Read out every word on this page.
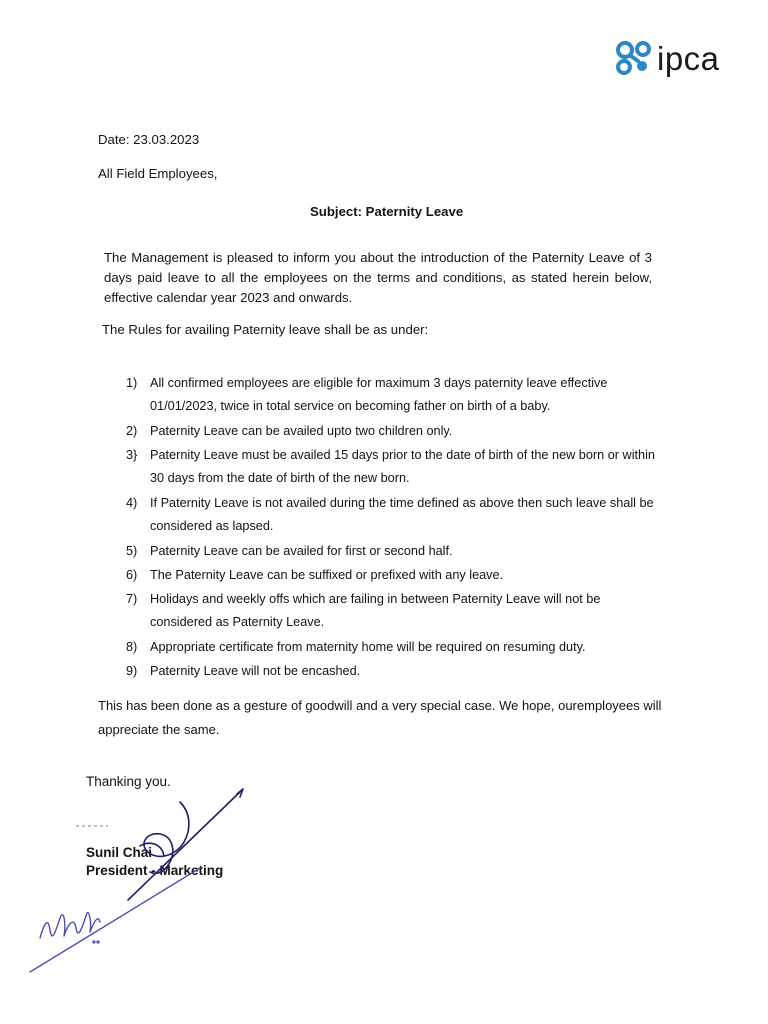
ipca
Date: 23.03.2023
All Field Employees,
Subject: Paternity Leave
The Management is pleased to inform you about the introduction of the Paternity Leave of 3 days paid leave to all the employees on the terms and conditions, as stated herein below, effective calendar year 2023 and onwards.
The Rules for availing Paternity leave shall be as under:
1)	All confirmed employees are eligible for maximum 3 days paternity leave effective 01/01/2023, twice in total service on becoming father on birth of a baby.
2)	Paternity Leave can be availed upto two children only.
3}	Paternity Leave must be availed 15 days prior to the date of birth of the new born or within 30 days from the date of birth of the new born.
4)	If Paternity Leave is not availed during the time defined as above then such leave shall be considered as lapsed.
5)	Paternity Leave can be availed for first or second half.
6)	The Paternity Leave can be suffixed or prefixed with any leave.
7)	Holidays and weekly offs which are failing in between Paternity Leave will not be considered as Paternity Leave.
8)	Appropriate certificate from maternity home will be required on resuming duty.
9)	Paternity Leave will not be encashed.
This has been done as a gesture of goodwill and a very special case. We hope, ouremployees will appreciate the same.
Thanking you.
Sunil Chai
President - Marketing
